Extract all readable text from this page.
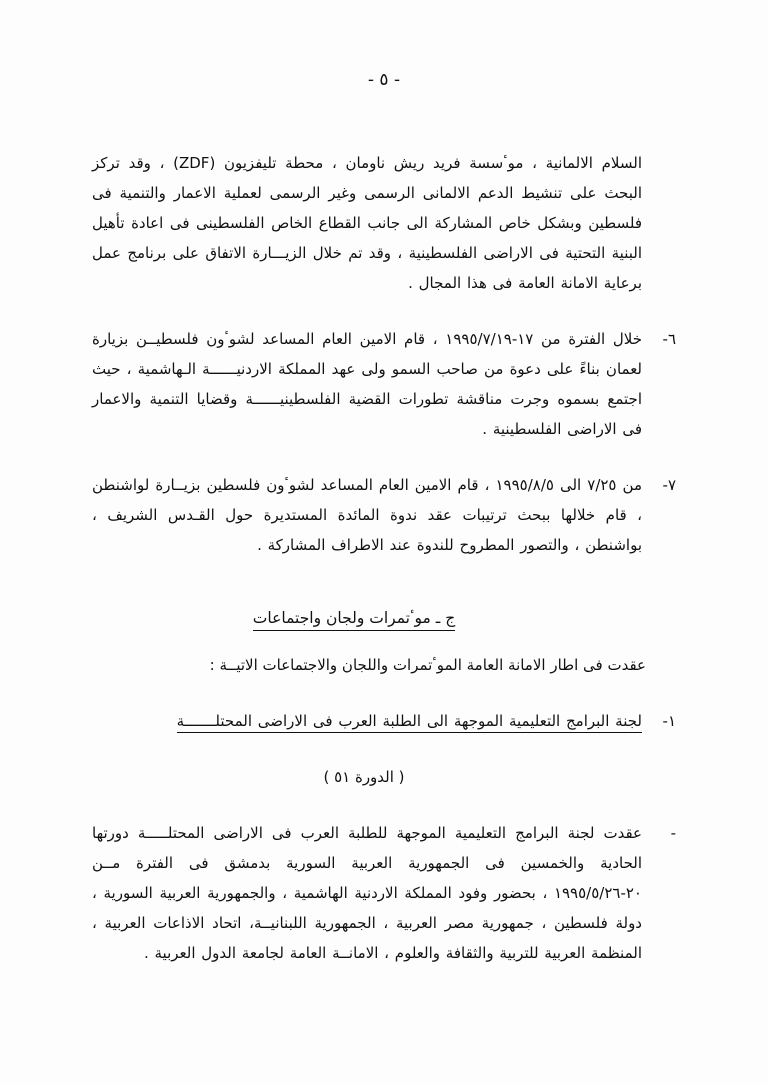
- ٥ -
السلام الالمانية ، موٴسسة فريد ريش ناومان ، محطة تليفزيون (ZDF) ، وقد تركز البحث على تنشيط الدعم الالمانى الرسمى وغير الرسمى لعملية الاعمار والتنمية فى فلسطين وبشكل خاص المشاركة الى جانب القطاع الخاص الفلسطينى فى اعادة تأهيل البنية التحتية فى الاراضى الفلسطينية ، وقد تم خلال الزيـــارة الاتفاق على برنامج عمل برعاية الامانة العامة فى هذا المجال .
٦-
خلال الفترة من ١٧-١٩٩٥/٧/١٩ ، قام الامين العام المساعد لشوٴون فلسطيــن بزيارة لعمان بناءً على دعوة من صاحب السمو ولى عهد المملكة الاردنيــــــة الـهاشمية ، حيث اجتمع بسموه وجرت مناقشة تطورات القضية الفلسطينيــــــة وقضايا التنمية والاعمار فى الاراضى الفلسطينية .
٧-
من ٧/٢٥ الى ١٩٩٥/٨/٥ ، قام الامين العام المساعد لشوٴون فلسطين بزيــارة لواشنطن ، قام خلالها ببحث ترتيبات عقد ندوة المائدة المستديرة حول القـدس الشريف ، بواشنطن ، والتصور المطروح للندوة عند الاطراف المشاركة .
ج ـ موٴتمرات ولجان واجتماعات
عقدت فى اطار الامانة العامة الموٴتمرات واللجان والاجتماعات الاتيــة :
١-
لجنة البرامج التعليمية الموجهة الى الطلبة العرب فى الاراضى المحتلـــــــة
( الدورة ٥١ )
-
عقدت لجنة البرامج التعليمية الموجهة للطلبة العرب فى الاراضى المحتلـــــة دورتها الحادية والخمسين فى الجمهورية العربية السورية بدمشق فى الفترة مــن ٢٠-١٩٩٥/٥/٢٦ ، بحضور وفود المملكة الاردنية الهاشمية ، والجمهورية العربية السورية ، دولة فلسطين ، جمهورية مصر العربية ، الجمهورية اللبنانيــة، اتحاد الاذاعات العربية ، المنظمة العربية للتربية والثقافة والعلوم ، الامانــة العامة لجامعة الدول العربية .
